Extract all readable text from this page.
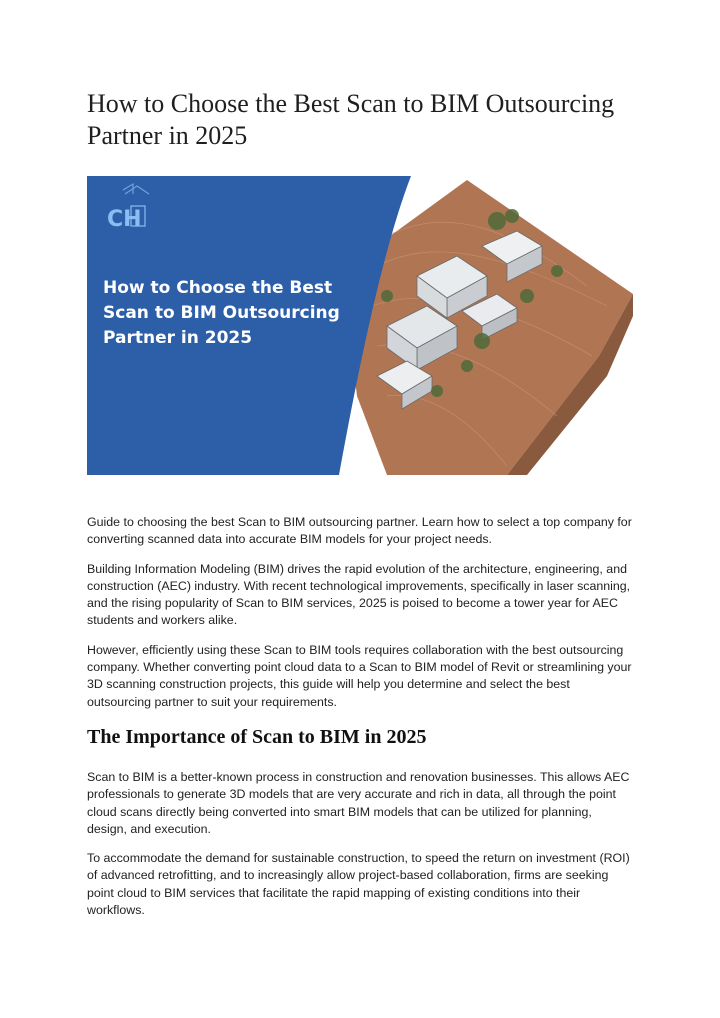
How to Choose the Best Scan to BIM Outsourcing Partner in 2025
CH
How to Choose the Best Scan to BIM Outsourcing Partner in 2025

Guide to choosing the best Scan to BIM outsourcing partner. Learn how to select a top company for converting scanned data into accurate BIM models for your project needs.

Building Information Modeling (BIM) drives the rapid evolution of the architecture, engineering, and construction (AEC) industry. With recent technological improvements, specifically in laser scanning, and the rising popularity of Scan to BIM services, 2025 is poised to become a tower year for AEC students and workers alike.

However, efficiently using these Scan to BIM tools requires collaboration with the best outsourcing company. Whether converting point cloud data to a Scan to BIM model of Revit or streamlining your 3D scanning construction projects, this guide will help you determine and select the best outsourcing partner to suit your requirements.

The Importance of Scan to BIM in 2025

Scan to BIM is a better-known process in construction and renovation businesses. This allows AEC professionals to generate 3D models that are very accurate and rich in data, all through the point cloud scans directly being converted into smart BIM models that can be utilized for planning, design, and execution.

To accommodate the demand for sustainable construction, to speed the return on investment (ROI) of advanced retrofitting, and to increasingly allow project-based collaboration, firms are seeking point cloud to BIM services that facilitate the rapid mapping of existing conditions into their workflows.
